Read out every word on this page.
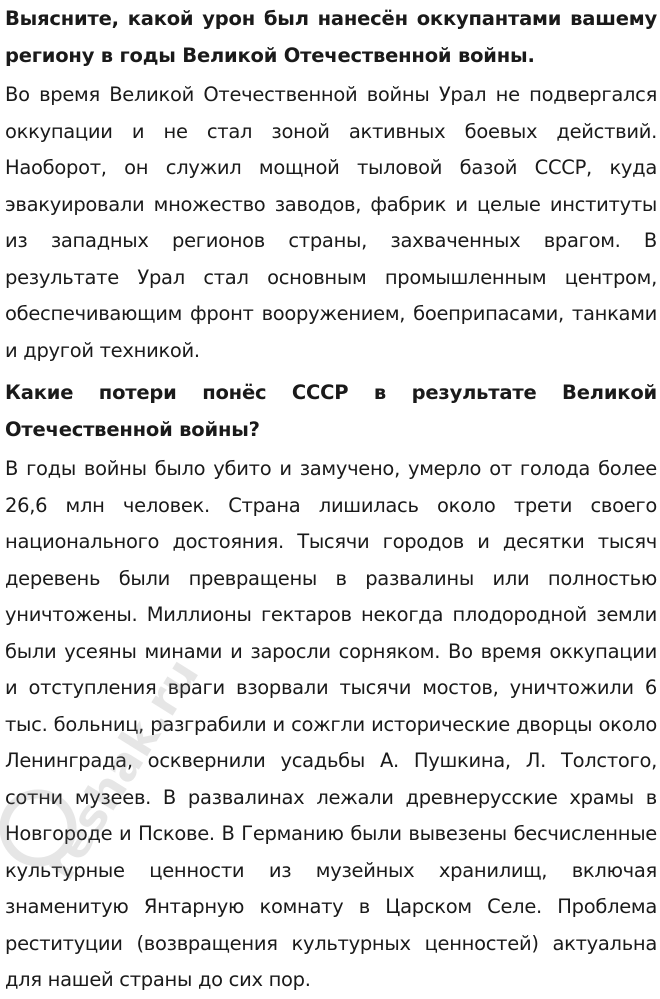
Выясните, какой урон был нанесён оккупантами вашему региону в годы Великой Отечественной войны.

Во время Великой Отечественной войны Урал не подвергался оккупации и не стал зоной активных боевых действий. Наоборот, он служил мощной тыловой базой СССР, куда эвакуировали множество заводов, фабрик и целые институты из западных регионов страны, захваченных врагом. В результате Урал стал основным промышленным центром, обеспечивающим фронт вооружением, боеприпасами, танками и другой техникой.

Какие потери понёс СССР в результате Великой Отечественной войны?

В годы войны было убито и замучено, умерло от голода более 26,6 млн человек. Страна лишилась около трети своего национального достояния. Тысячи городов и десятки тысяч деревень были превращены в развалины или полностью уничтожены. Миллионы гектаров некогда плодородной земли были усеяны минами и заросли сорняком. Во время оккупации и отступления враги взорвали тысячи мостов, уничтожили 6 тыс. больниц, разграбили и сожгли исторические дворцы около Ленинграда, осквернили усадьбы А. Пушкина, Л. Толстого, сотни музеев. В развалинах лежали древнерусские храмы в Новгороде и Пскове. В Германию были вывезены бесчисленные культурные ценности из музейных хранилищ, включая знаменитую Янтарную комнату в Царском Селе. Проблема реституции (возвращения культурных ценностей) актуальна для нашей страны до сих пор.

reshak.ru
